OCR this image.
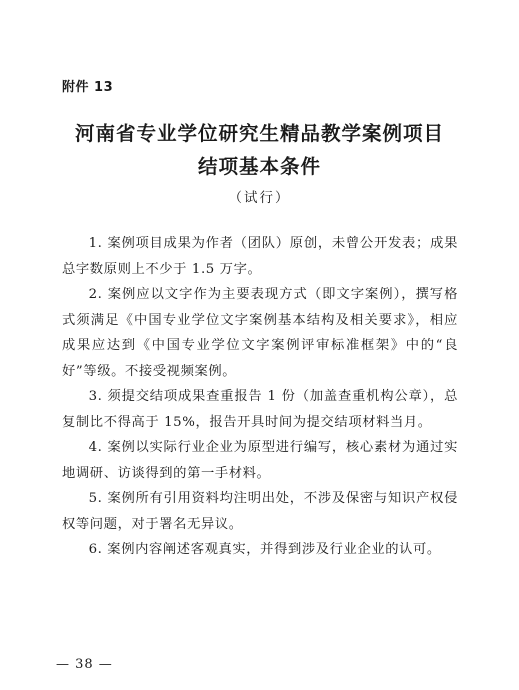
附件 13
河南省专业学位研究生精品教学案例项目
结项基本条件
（试行）

1. 案例项目成果为作者（团队）原创，未曾公开发表；成果总字数原则上不少于 1.5 万字。

2. 案例应以文字作为主要表现方式（即文字案例），撰写格式须满足《中国专业学位文字案例基本结构及相关要求》，相应成果应达到《中国专业学位文字案例评审标准框架》中的“良好”等级。不接受视频案例。

3. 须提交结项成果查重报告 1 份（加盖查重机构公章），总复制比不得高于 15%，报告开具时间为提交结项材料当月。

4. 案例以实际行业企业为原型进行编写，核心素材为通过实地调研、访谈得到的第一手材料。

5. 案例所有引用资料均注明出处，不涉及保密与知识产权侵权等问题，对于署名无异议。

6. 案例内容阐述客观真实，并得到涉及行业企业的认可。

— 38 —
